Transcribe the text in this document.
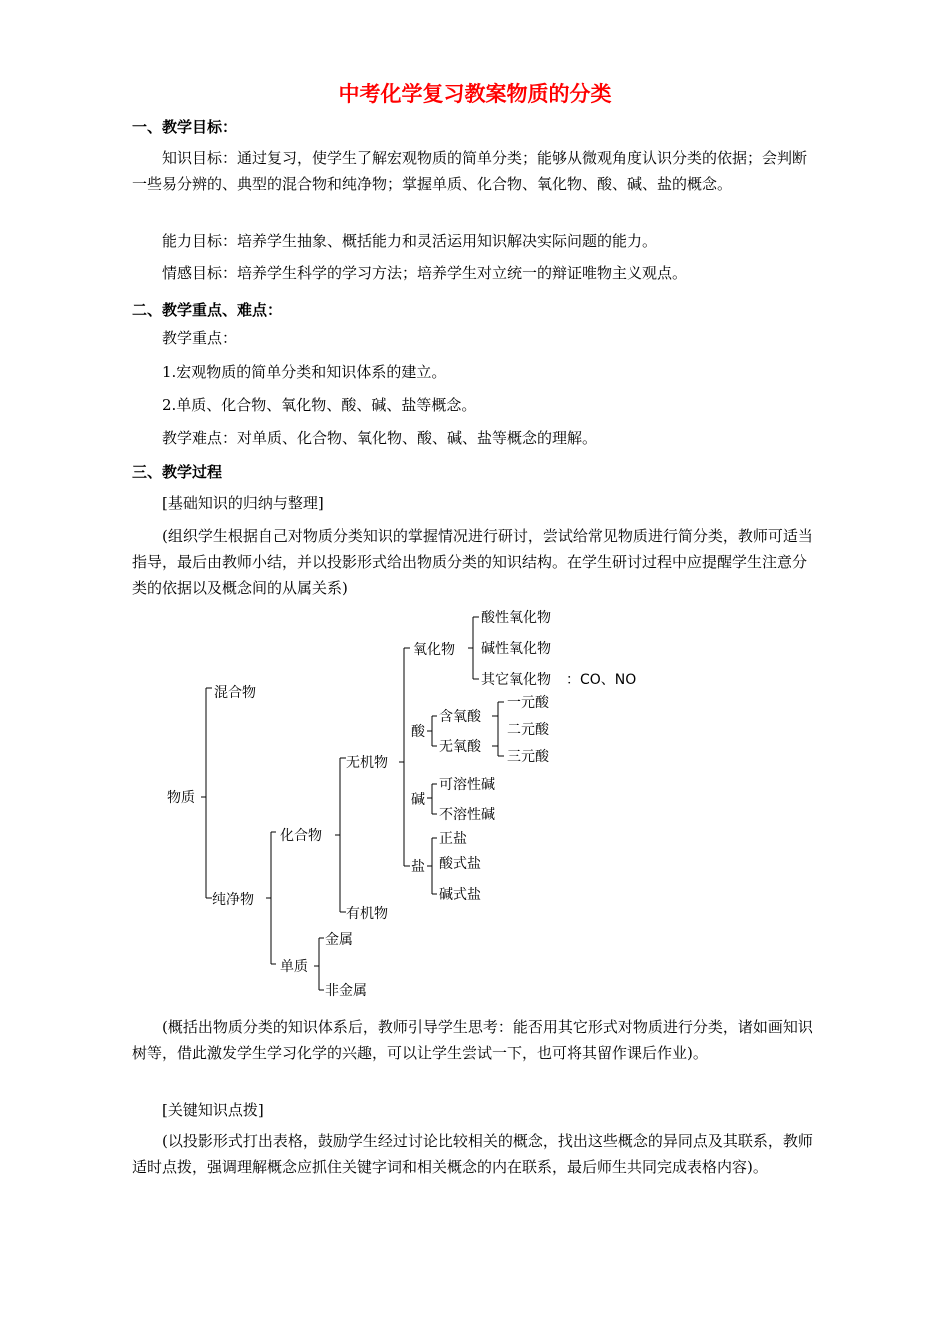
中考化学复习教案物质的分类
一、教学目标：

知识目标：通过复习，使学生了解宏观物质的简单分类；能够从微观角度认识分类的依据；会判断一些易分辨的、典型的混合物和纯净物；掌握单质、化合物、氧化物、酸、碱、盐的概念。

能力目标：培养学生抽象、概括能力和灵活运用知识解决实际问题的能力。

情感目标：培养学生科学的学习方法；培养学生对立统一的辩证唯物主义观点。

二、教学重点、难点：
教学重点：
1.宏观物质的简单分类和知识体系的建立。
2.单质、化合物、氧化物、酸、碱、盐等概念。
教学难点：对单质、化合物、氧化物、酸、碱、盐等概念的理解。
三、教学过程
[基础知识的归纳与整理]

(组织学生根据自己对物质分类知识的掌握情况进行研讨，尝试给常见物质进行简分类，教师可适当指导，最后由教师小结，并以投影形式给出物质分类的知识结构。在学生研讨过程中应提醒学生注意分类的依据以及概念间的从属关系)

物质
混合物
纯净物
化合物
单质
金属
非金属
无机物
有机物
氧化物
酸
碱
盐
酸性氧化物
碱性氧化物
其它氧化物 ：CO、NO
含氧酸
无氧酸
一元酸
二元酸
三元酸
可溶性碱
不溶性碱
正盐
酸式盐
碱式盐

(概括出物质分类的知识体系后，教师引导学生思考：能否用其它形式对物质进行分类，诸如画知识树等，借此激发学生学习化学的兴趣，可以让学生尝试一下，也可将其留作课后作业)。

[关键知识点拨]

(以投影形式打出表格，鼓励学生经过讨论比较相关的概念，找出这些概念的异同点及其联系，教师适时点拨，强调理解概念应抓住关键字词和相关概念的内在联系，最后师生共同完成表格内容)。
